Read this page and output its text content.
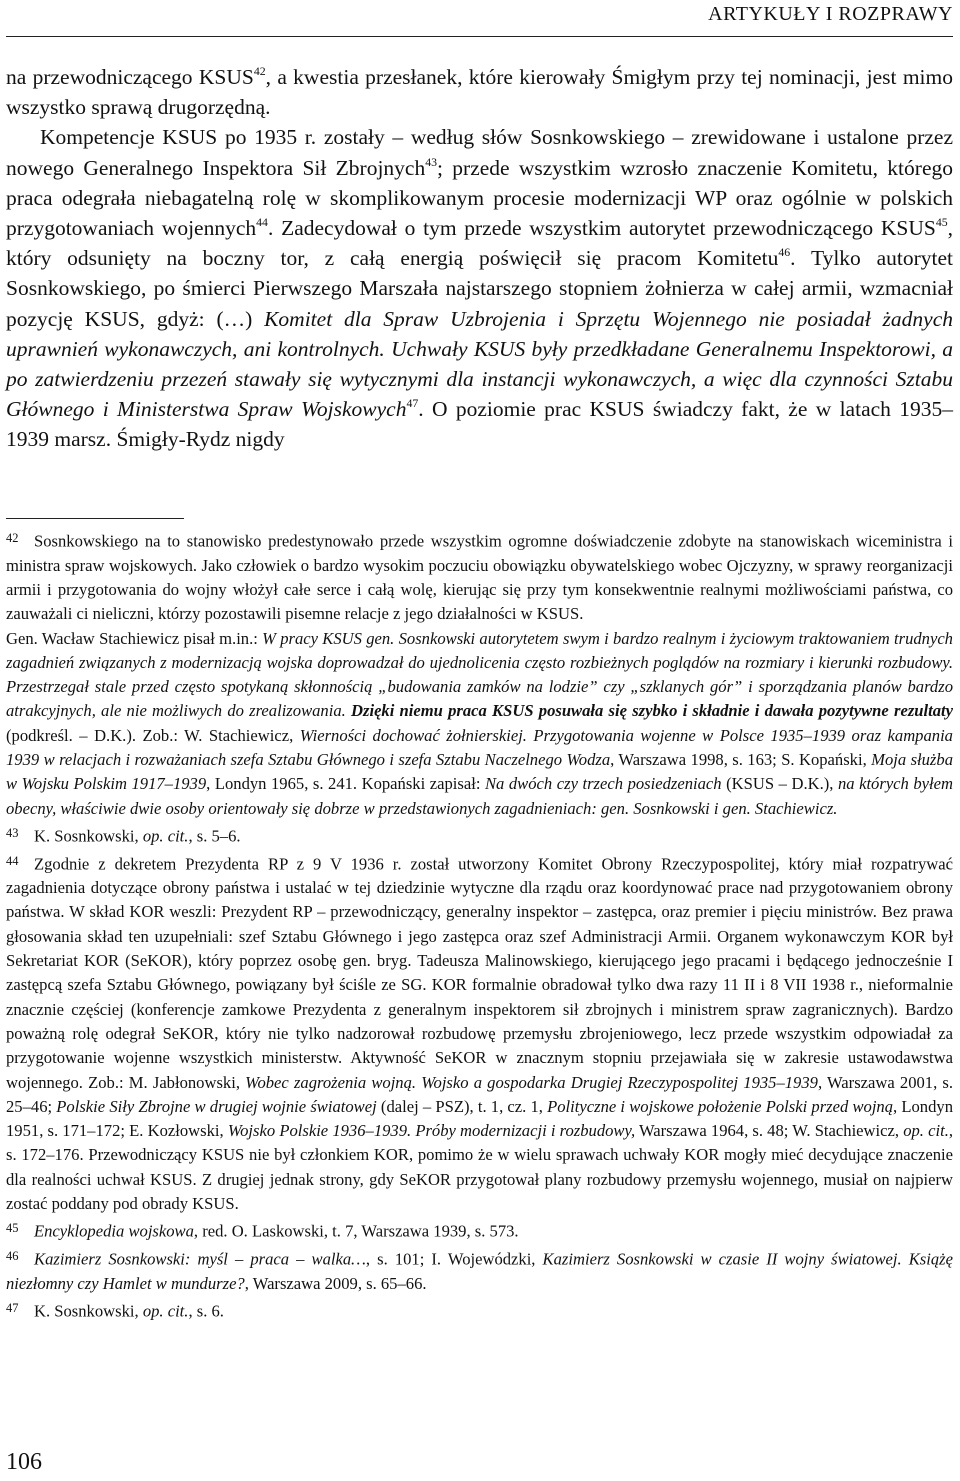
ARTYKUŁY I ROZPRAWY

na przewodniczącego KSUS$^{42}$, a kwestia przesłanek, które kierowały Śmigłym przy tej nominacji, jest mimo wszystko sprawą drugorzędną.

Kompetencje KSUS po 1935 r. zostały – według słów Sosnkowskiego – zrewidowane i ustalone przez nowego Generalnego Inspektora Sił Zbrojnych$^{43}$; przede wszystkim wzrosło znaczenie Komitetu, którego praca odegrała niebagatelną rolę w skomplikowanym procesie modernizacji WP oraz ogólnie w polskich przygotowaniach wojennych$^{44}$. Zadecydował o tym przede wszystkim autorytet przewodniczącego KSUS$^{45}$, który odsunięty na boczny tor, z całą energią poświęcił się pracom Komitetu$^{46}$. Tylko autorytet Sosnkowskiego, po śmierci Pierwszego Marszała najstarszego stopniem żołnierza w całej armii, wzmacniał pozycję KSUS, gdyż: (…) Komitet dla Spraw Uzbrojenia i Sprzętu Wojennego nie posiadał żadnych uprawnień wykonawczych, ani kontrolnych. Uchwały KSUS były przedkładane Generalnemu Inspektorowi, a po zatwierdzeniu przezeń stawały się wytycznymi dla instancji wykonawczych, a więc dla czynności Sztabu Głównego i Ministerstwa Spraw Wojskowych$^{47}$. O poziomie prac KSUS świadczy fakt, że w latach 1935–1939 marsz. Śmigły-Rydz nigdy

42 Sosnkowskiego na to stanowisko predestynowało przede wszystkim ogromne doświadczenie zdobyte na stanowiskach wiceministra i ministra spraw wojskowych. Jako człowiek o bardzo wysokim poczuciu obowiązku obywatelskiego wobec Ojczyzny, w sprawy reorganizacji armii i przygotowania do wojny włożył całe serce i całą wolę, kierując się przy tym konsekwentnie realnymi możliwościami państwa, co zauważali ci nieliczni, którzy pozostawili pisemne relacje z jego działalności w KSUS.

Gen. Wacław Stachiewicz pisał m.in.: W pracy KSUS gen. Sosnkowski autorytetem swym i bardzo realnym i życiowym traktowaniem trudnych zagadnień związanych z modernizacją wojska doprowadzał do ujednolicenia często rozbieżnych poglądów na rozmiary i kierunki rozbudowy. Przestrzegał stale przed często spotykaną skłonnością „budowania zamków na lodzie” czy „szklanych gór” i sporządzania planów bardzo atrakcyjnych, ale nie możliwych do zrealizowania. Dzięki niemu praca KSUS posuwała się szybko i składnie i dawała pozytywne rezultaty (podkreśl. – D.K.). Zob.: W. Stachiewicz, Wierności dochować żołnierskiej. Przygotowania wojenne w Polsce 1935–1939 oraz kampania 1939 w relacjach i rozważaniach szefa Sztabu Głównego i szefa Sztabu Naczelnego Wodza, Warszawa 1998, s. 163; S. Kopański, Moja służba w Wojsku Polskim 1917–1939, Londyn 1965, s. 241. Kopański zapisał: Na dwóch czy trzech posiedzeniach (KSUS – D.K.), na których byłem obecny, właściwie dwie osoby orientowały się dobrze w przedstawionych zagadnieniach: gen. Sosnkowski i gen. Stachiewicz.

43 K. Sosnkowski, op. cit., s. 5–6.

44 Zgodnie z dekretem Prezydenta RP z 9 V 1936 r. został utworzony Komitet Obrony Rzeczypospolitej, który miał rozpatrywać zagadnienia dotyczące obrony państwa i ustalać w tej dziedzinie wytyczne dla rządu oraz koordynować prace nad przygotowaniem obrony państwa. W skład KOR weszli: Prezydent RP – przewodniczący, generalny inspektor – zastępca, oraz premier i pięciu ministrów. Bez prawa głosowania skład ten uzupełniali: szef Sztabu Głównego i jego zastępca oraz szef Administracji Armii. Organem wykonawczym KOR był Sekretariat KOR (SeKOR), który poprzez osobę gen. bryg. Tadeusza Malinowskiego, kierującego jego pracami i będącego jednocześnie I zastępcą szefa Sztabu Głównego, powiązany był ściśle ze SG. KOR formalnie obradował tylko dwa razy 11 II i 8 VII 1938 r., nieformalnie znacznie częściej (konferencje zamkowe Prezydenta z generalnym inspektorem sił zbrojnych i ministrem spraw zagranicznych). Bardzo poważną rolę odegrał SeKOR, który nie tylko nadzorował rozbudowę przemysłu zbrojeniowego, lecz przede wszystkim odpowiadał za przygotowanie wojenne wszystkich ministerstw. Aktywność SeKOR w znacznym stopniu przejawiała się w zakresie ustawodawstwa wojennego. Zob.: M. Jabłonowski, Wobec zagrożenia wojną. Wojsko a gospodarka Drugiej Rzeczypospolitej 1935–1939, Warszawa 2001, s. 25–46; Polskie Siły Zbrojne w drugiej wojnie światowej (dalej – PSZ), t. 1, cz. 1, Polityczne i wojskowe położenie Polski przed wojną, Londyn 1951, s. 171–172; E. Kozłowski, Wojsko Polskie 1936–1939. Próby modernizacji i rozbudowy, Warszawa 1964, s. 48; W. Stachiewicz, op. cit., s. 172–176. Przewodniczący KSUS nie był członkiem KOR, pomimo że w wielu sprawach uchwały KOR mogły mieć decydujące znaczenie dla realności uchwał KSUS. Z drugiej jednak strony, gdy SeKOR przygotował plany rozbudowy przemysłu wojennego, musiał on najpierw zostać poddany pod obrady KSUS.

45 Encyklopedia wojskowa, red. O. Laskowski, t. 7, Warszawa 1939, s. 573.

46 Kazimierz Sosnkowski: myśl – praca – walka…, s. 101; I. Wojewódzki, Kazimierz Sosnkowski w czasie II wojny światowej. Książę niezłomny czy Hamlet w mundurze?, Warszawa 2009, s. 65–66.

47 K. Sosnkowski, op. cit., s. 6.

106
